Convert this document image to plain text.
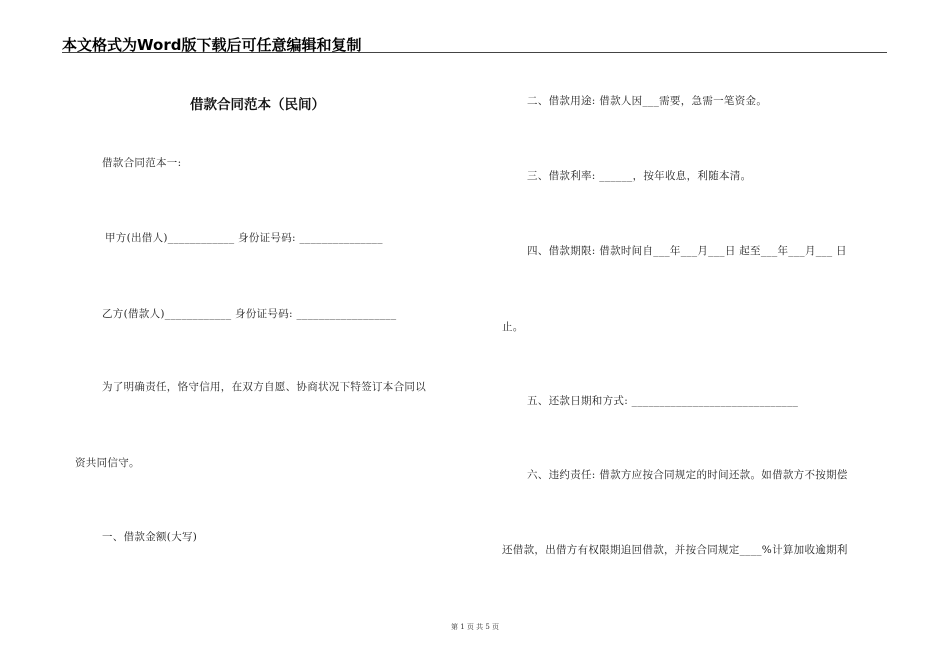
本文格式为Word版下载后可任意编辑和复制
借款合同范本（民间）
借款合同范本一:
甲方(出借人)____________ 身份证号码: _______________
乙方(借款人)____________ 身份证号码: __________________
为了明确责任，恪守信用，在双方自愿、协商状况下特签订本合同以
资共同信守。
一、借款金额(大写)
二、借款用途: 借款人因___需要，急需一笔资金。
三、借款利率: ______，按年收息，利随本清。
四、借款期限: 借款时间自___年___月___日 起至___年___月___ 日
止。
五、还款日期和方式: ______________________________
六、违约责任: 借款方应按合同规定的时间还款。如借款方不按期偿
还借款，出借方有权限期追回借款，并按合同规定____%计算加收逾期利
第 1 页 共 5 页
